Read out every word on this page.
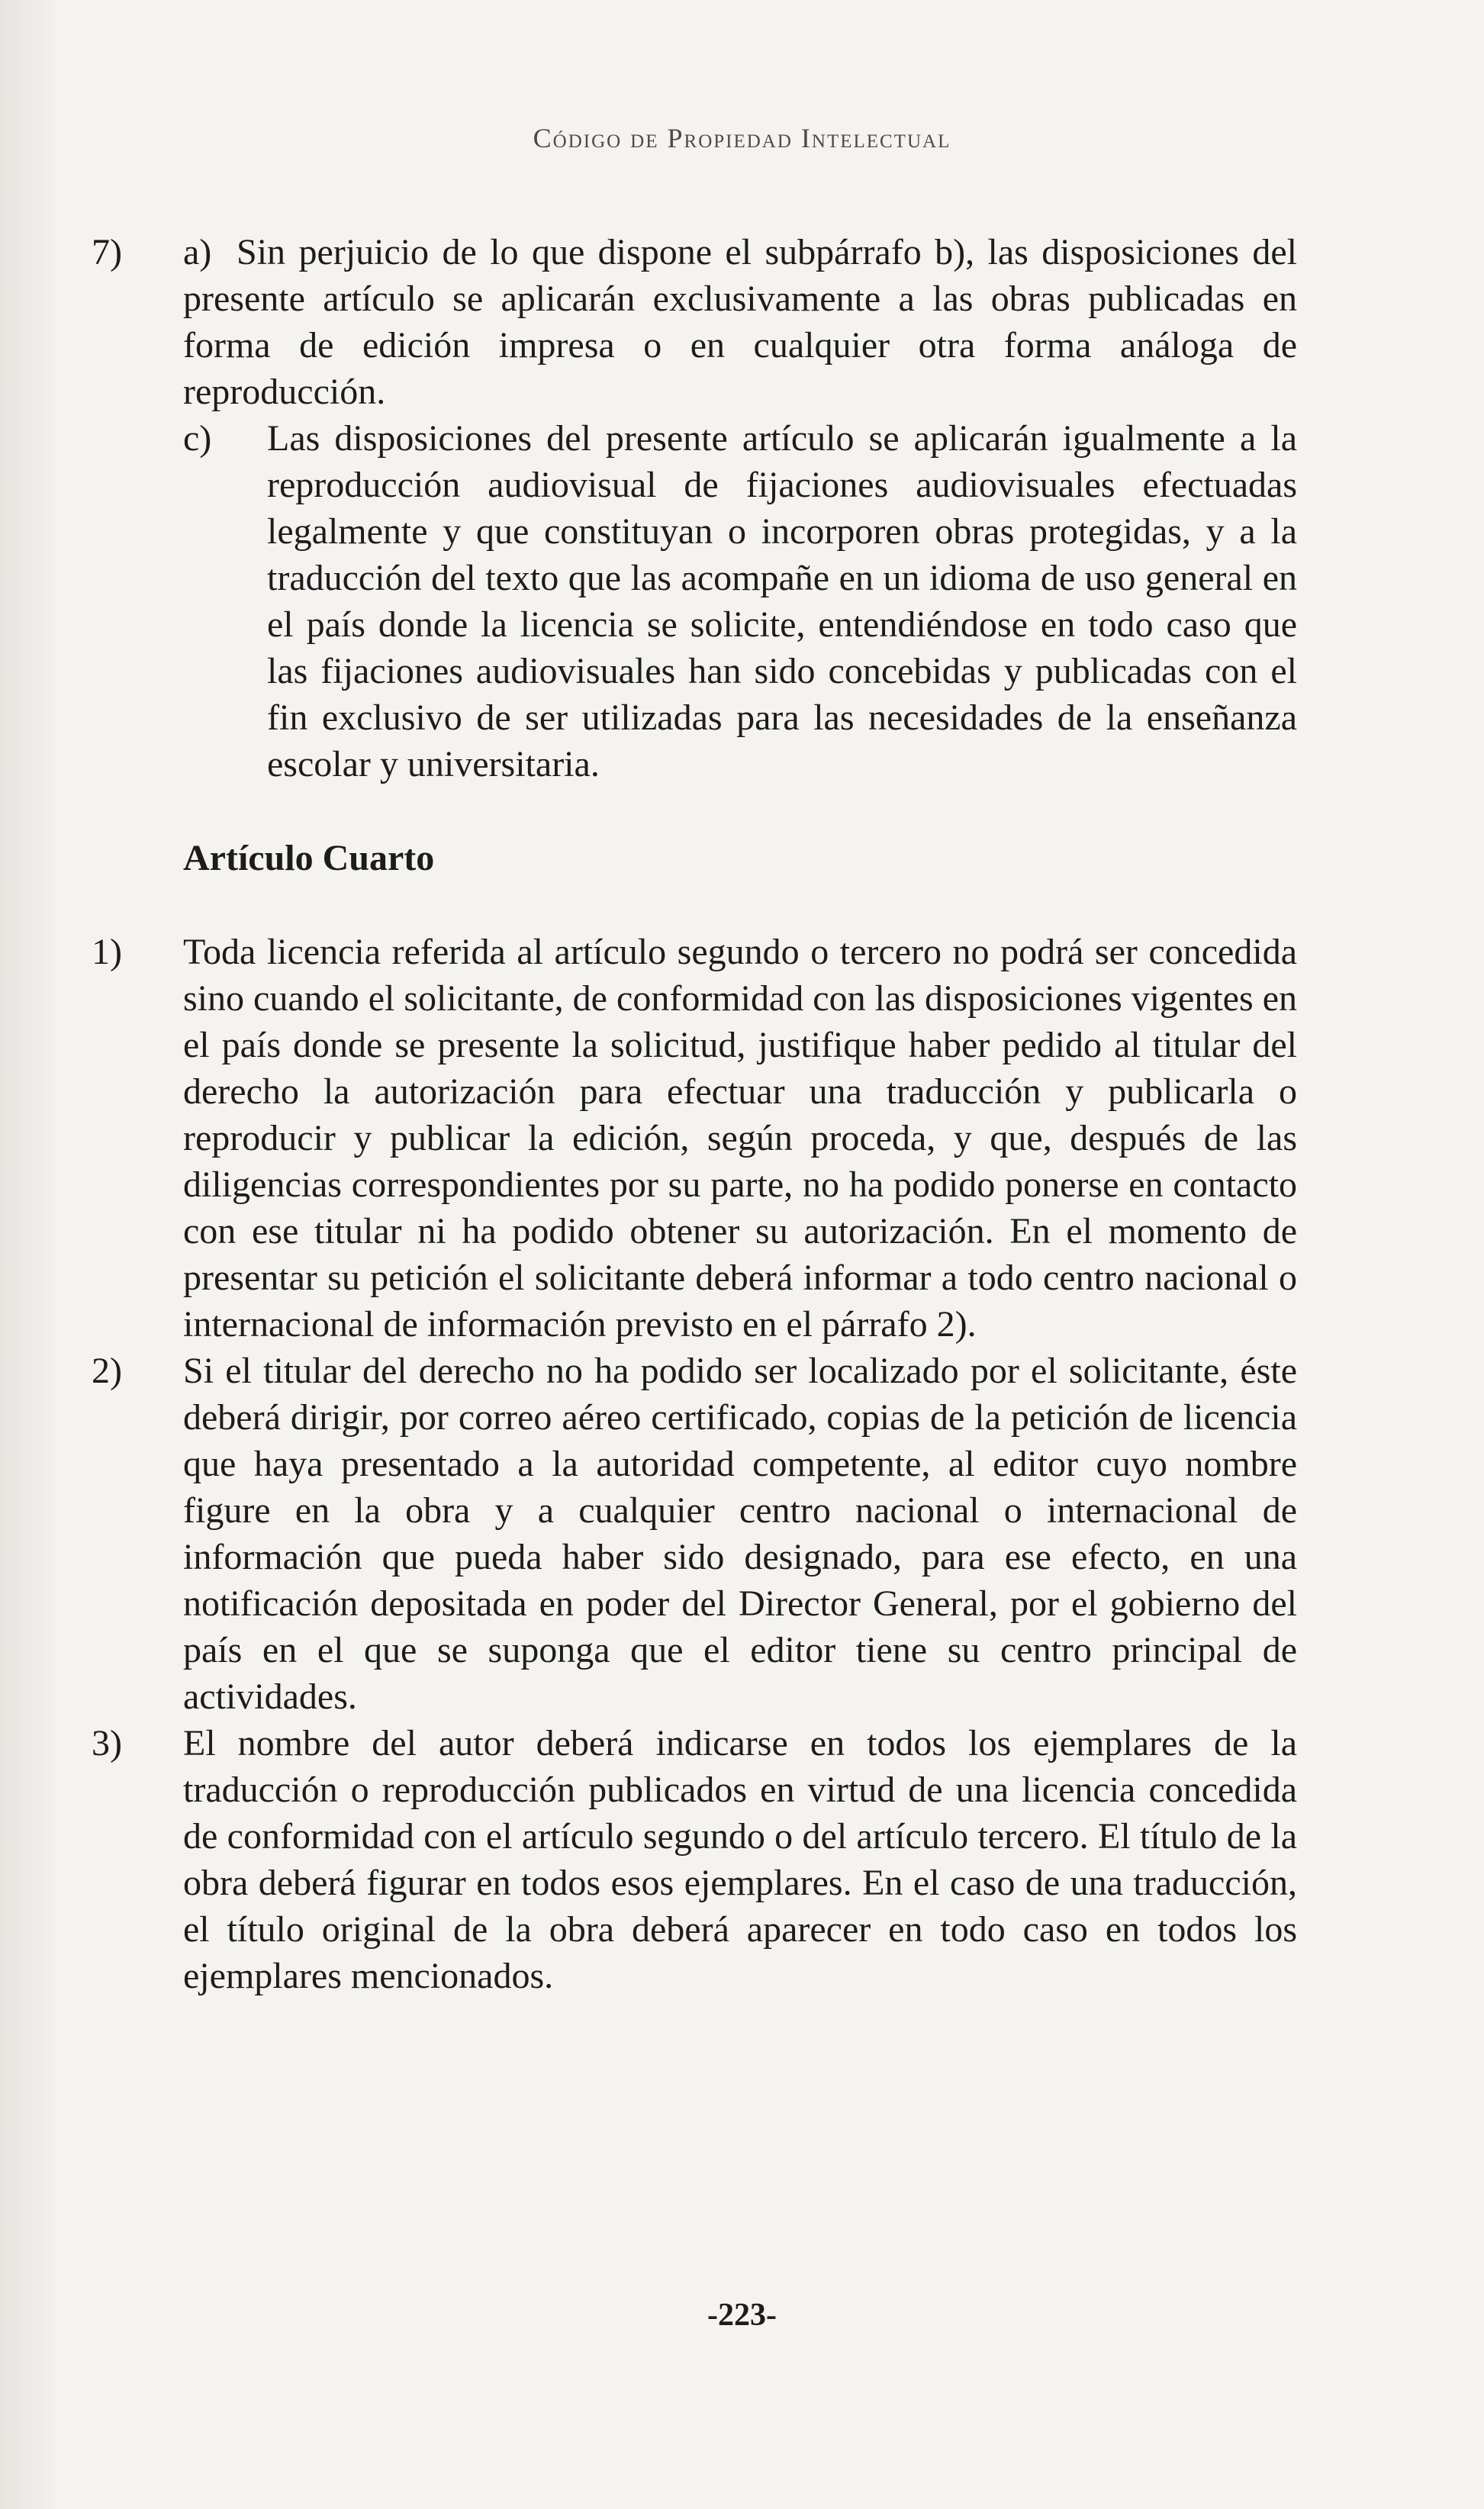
Código de Propiedad Intelectual
7) a) Sin perjuicio de lo que dispone el subpárrafo b), las disposiciones del presente artículo se aplicarán exclusivamente a las obras publicadas en forma de edición impresa o en cualquier otra forma análoga de reproducción.
c) Las disposiciones del presente artículo se aplicarán igualmente a la reproducción audiovisual de fijaciones audiovisuales efectuadas legalmente y que constituyan o incorporen obras protegidas, y a la traducción del texto que las acompañe en un idioma de uso general en el país donde la licencia se solicite, entendiéndose en todo caso que las fijaciones audiovisuales han sido concebidas y publicadas con el fin exclusivo de ser utilizadas para las necesidades de la enseñanza escolar y universitaria.
Artículo Cuarto
1) Toda licencia referida al artículo segundo o tercero no podrá ser concedida sino cuando el solicitante, de conformidad con las disposiciones vigentes en el país donde se presente la solicitud, justifique haber pedido al titular del derecho la autorización para efectuar una traducción y publicarla o reproducir y publicar la edición, según proceda, y que, después de las diligencias correspondientes por su parte, no ha podido ponerse en contacto con ese titular ni ha podido obtener su autorización. En el momento de presentar su petición el solicitante deberá informar a todo centro nacional o internacional de información previsto en el párrafo 2).
2) Si el titular del derecho no ha podido ser localizado por el solicitante, éste deberá dirigir, por correo aéreo certificado, copias de la petición de licencia que haya presentado a la autoridad competente, al editor cuyo nombre figure en la obra y a cualquier centro nacional o internacional de información que pueda haber sido designado, para ese efecto, en una notificación depositada en poder del Director General, por el gobierno del país en el que se suponga que el editor tiene su centro principal de actividades.
3) El nombre del autor deberá indicarse en todos los ejemplares de la traducción o reproducción publicados en virtud de una licencia concedida de conformidad con el artículo segundo o del artículo tercero. El título de la obra deberá figurar en todos esos ejemplares. En el caso de una traducción, el título original de la obra deberá aparecer en todo caso en todos los ejemplares mencionados.
-223-
